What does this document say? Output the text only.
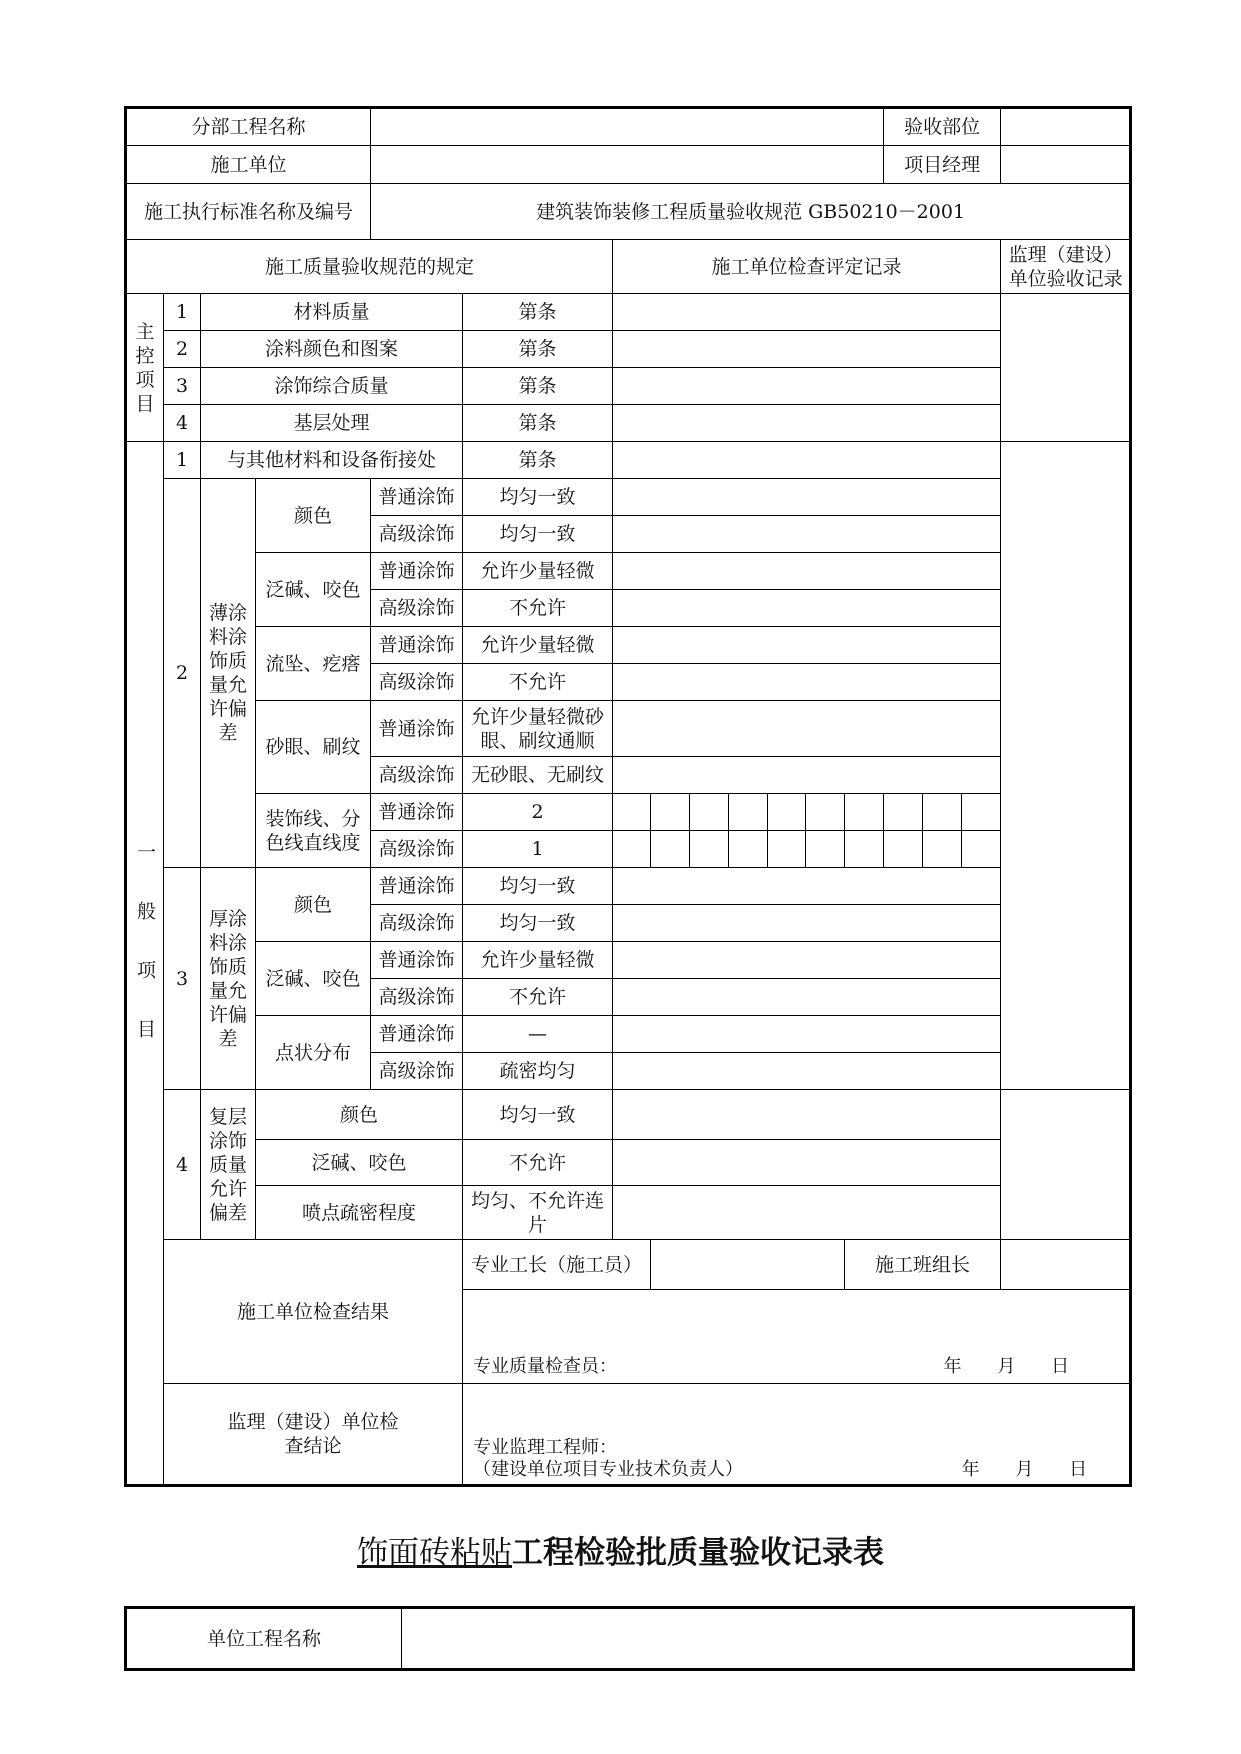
分部工程名称													验收部位			
施工单位													项目经理			
施工执行标准名称及编号				建筑装饰装修工程质量验收规范 GB50210－2001												
施工质量验收规范的规定						施工单位检查评定记录										监理（建设）单位验收记录
主控项目	1	材料质量			第条											
	2	涂料颜色和图案			第条											
	3	涂饰综合质量			第条											
	4	基层处理			第条											
一般项目	1	与其他材料和设备衔接处			第条											
	2	薄涂料涂饰质量允许偏差	颜色	普通涂饰	均匀一致											
				高级涂饰	均匀一致											
			泛碱、咬色	普通涂饰	允许少量轻微											
				高级涂饰	不允许											
			流坠、疙瘩	普通涂饰	允许少量轻微											
				高级涂饰	不允许											
			砂眼、刷纹	普通涂饰	允许少量轻微砂眼、刷纹通顺											
				高级涂饰	无砂眼、无刷纹											
			装饰线、分色线直线度	普通涂饰	2											
				高级涂饰	1											
	3	厚涂料涂饰质量允许偏差	颜色	普通涂饰	均匀一致											
				高级涂饰	均匀一致											
			泛碱、咬色	普通涂饰	允许少量轻微											
				高级涂饰	不允许											
			点状分布	普通涂饰	—											
				高级涂饰	疏密均匀											
	4	复层涂饰质量允许偏差	颜色		均匀一致											
			泛碱、咬色		不允许											
			喷点疏密程度		均匀、不允许连片											
	施工单位检查结果				专业工长（施工员）							施工班组长				

					专业质量检查员： 年 月 日											

	监理（建设）单位检查结论				专业监理工程师：
（建设单位项目专业技术负责人） 年 月 日											
饰面砖粘贴工程检验批质量验收记录表
单位工程名称	
